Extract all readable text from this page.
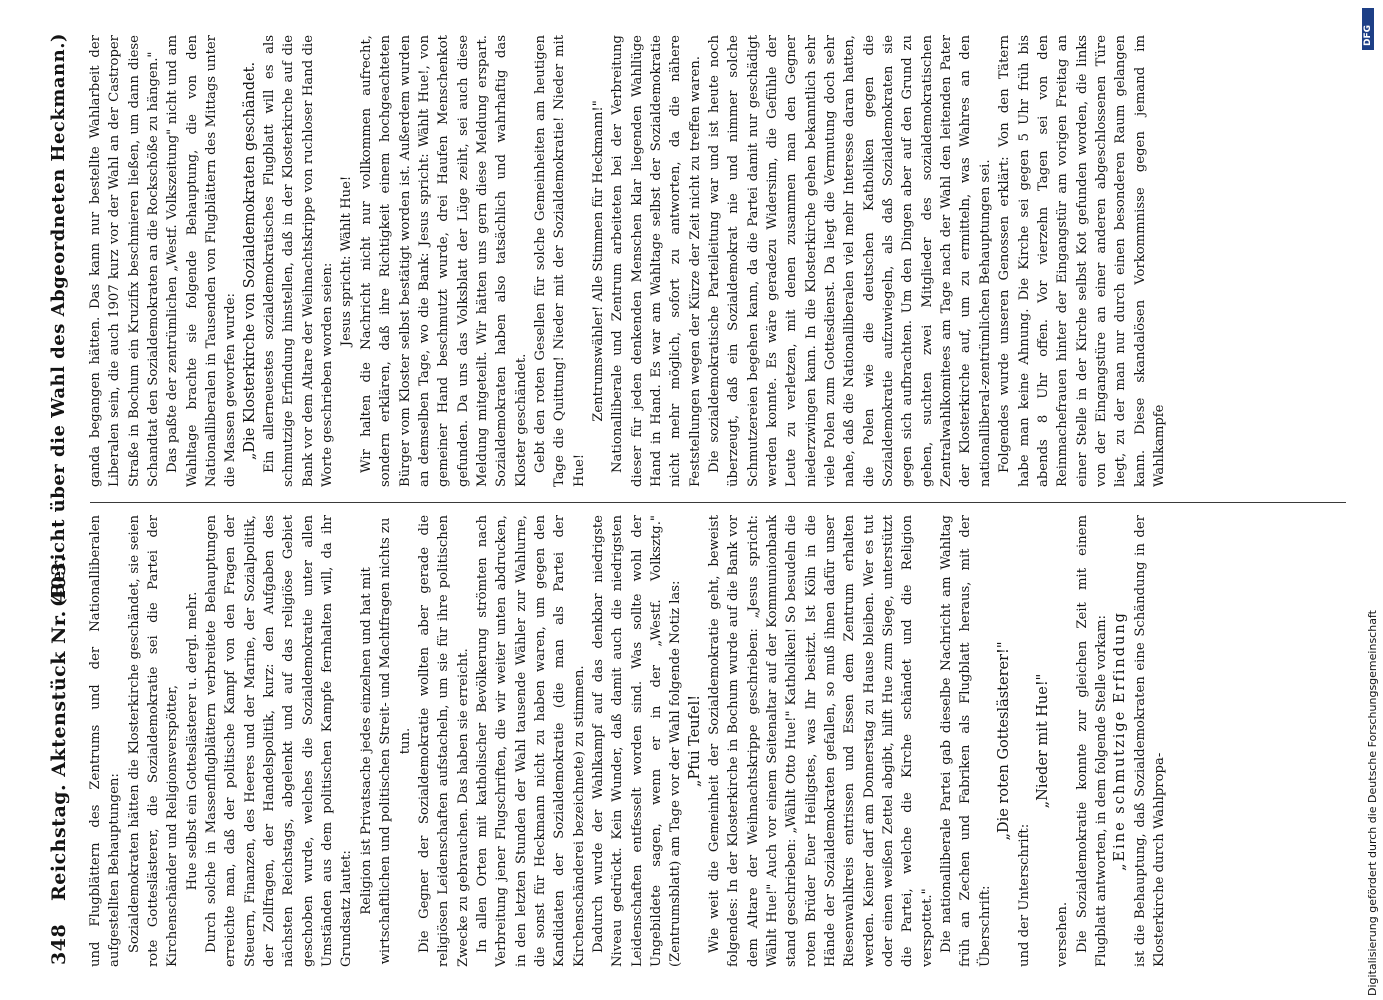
348
Reichstag. Aktenstück Nr. 403.
(Bericht über die Wahl des Abgeordneten Heckmann.)

und Flugblättern des Zentrums und der Nationalliberalen aufgestellten Behauptungen: Sozialdemokraten hätten die Klosterkirche geschändet, sie seien rote Gotteslästerer, die Sozialdemokratie sei die Partei der Kirchenschänder und Religionsverspötter, Hue selbst ein Gotteslästerer u. dergl. mehr. Durch solche in Massenflugblättern verbreitete Behauptungen erreichte man, daß der politische Kampf von den Fragen der Steuern, Finanzen, des Heeres und der Marine, der Sozialpolitik, der Zollfragen, der Handelspolitik, kurz: den Aufgaben des nächsten Reichstags, abgelenkt und auf das religiöse Gebiet geschoben wurde, welches die Sozialdemokratie unter allen Umständen aus dem politischen Kampfe fernhalten will, da ihr Grundsatz lautet: Religion ist Privatsache jedes einzelnen und hat mit wirtschaftlichen und politischen Streit- und Machtfragen nichts zu tun. Die Gegner der Sozialdemokratie wollten aber gerade die religiösen Leidenschaften aufstacheln, um sie für ihre politischen Zwecke zu gebrauchen. Das haben sie erreicht. In allen Orten mit katholischer Bevölkerung strömten nach Verbreitung jener Flugschriften, die wir weiter unten abdrucken, in den letzten Stunden der Wahl tausende Wähler zur Wahlurne, die sonst für Heckmann nicht zu haben waren, um gegen den Kandidaten der Sozialdemokratie (die man als Partei der Kirchenschänderei bezeichnete) zu stimmen. Dadurch wurde der Wahlkampf auf das denkbar niedrigste Niveau gedrückt. Kein Wunder, daß damit auch die niedrigsten Leidenschaften entfesselt worden sind. Was sollte wohl der Ungebildete sagen, wenn er in der „Westf. Volksztg." (Zentrumsblatt) am Tage vor der Wahl folgende Notiz las: „Pfui Teufel! Wie weit die Gemeinheit der Sozialdemokratie geht, beweist folgendes: In der Klosterkirche in Bochum wurde auf die Bank vor dem Altare der Weihnachtskrippe geschrieben: „Jesus spricht: Wählt Hue!" Auch vor einem Seitenaltar auf der Kommunionbank stand geschrieben: „Wählt Otto Hue!" Katholiken! So besudeln die roten Brüder Euer Heiligstes, was Ihr besitzt. Ist Köln in die Hände der Sozialdemokraten gefallen, so muß ihnen dafür unser Riesenwahlkreis entrissen und Essen dem Zentrum erhalten werden. Keiner darf am Donnerstag zu Hause bleiben. Wer es tut oder einen weißen Zettel abgibt, hilft Hue zum Siege, unterstützt die Partei, welche die Kirche schändet und die Religion verspottet." Die nationalliberale Partei gab dieselbe Nachricht am Wahltag früh an Zechen und Fabriken als Flugblatt heraus, mit der Überschrift:

„Die roten Gotteslästerer!"

und der Unterschrift:

„Nieder mit Hue!"

versehen. Die Sozialdemokratie konnte zur gleichen Zeit mit einem Flugblatt antworten, in dem folgende Stelle vorkam: „Eine schmutzige Erfindung ist die Behauptung, daß Sozialdemokraten eine Schändung in der Klosterkirche durch Wahlpropa-

ganda begangen hätten. Das kann nur bestellte Wahlarbeit der Liberalen sein, die auch 1907 kurz vor der Wahl an der Castroper Straße in Bochum ein Kruzifix beschmieren ließen, um dann diese Schandtat den Sozialdemokraten an die Rockschöße zu hängen." Das paßte der zentrümlichen „Westf. Volkszeitung" nicht und am Wahltage brachte sie folgende Behauptung, die von den Nationalliberalen in Tausenden von Flugblättern des Mittags unter die Massen geworfen wurde: „Die Klosterkirche von Sozialdemokraten geschändet. Ein allerneuestes sozialdemokratisches Flugblatt will es als schmutzige Erfindung hinstellen, daß in der Klosterkirche auf die Bank vor dem Altare der Weihnachtskrippe von ruchloser Hand die Worte geschrieben worden seien:

Jesus spricht: Wählt Hue! Wir halten die Nachricht nicht nur vollkommen aufrecht, sondern erklären, daß ihre Richtigkeit einem hochgeachteten Bürger vom Kloster selbst bestätigt worden ist. Außerdem wurden an demselben Tage, wo die Bank: Jesus spricht: Wählt Hue!, von gemeiner Hand beschmutzt wurde, drei Haufen Menschenkot gefunden. Da uns das Volksblatt der Lüge zeiht, sei auch diese Meldung mitgeteilt. Wir hätten uns gern diese Meldung erspart. Sozialdemokraten haben also tatsächlich und wahrhaftig das Kloster geschändet. Gebt den roten Gesellen für solche Gemeinheiten am heutigen Tage die Quittung! Nieder mit der Sozialdemokratie! Nieder mit Hue!

Zentrumswähler! Alle Stimmen für Heckmann!" Nationalliberale und Zentrum arbeiteten bei der Verbreitung dieser für jeden denkenden Menschen klar liegenden Wahllüge Hand in Hand. Es war am Wahltage selbst der Sozialdemokratie nicht mehr möglich, sofort zu antworten, da die nähere Feststellungen wegen der Kürze der Zeit nicht zu treffen waren. Die sozialdemokratische Parteileitung war und ist heute noch überzeugt, daß ein Sozialdemokrat nie und nimmer solche Schmutzereien begehen kann, da die Partei damit nur geschädigt werden konnte. Es wäre geradezu Widersinn, die Gefühle der Leute zu verletzen, mit denen zusammen man den Gegner niederzwingen kann. In die Klosterkirche gehen bekanntlich sehr viele Polen zum Gottesdienst. Da liegt die Vermutung doch sehr nahe, daß die Nationalliberalen viel mehr Interesse daran hatten, die Polen wie die deutschen Katholiken gegen die Sozialdemokratie aufzuwiegeln, als daß Sozialdemokraten sie gegen sich aufbrachten. Um den Dingen aber auf den Grund zu gehen, suchten zwei Mitglieder des sozialdemokratischen Zentralwahlkomitees am Tage nach der Wahl den leitenden Pater der Klosterkirche auf, um zu ermitteln, was Wahres an den nationalliberal-zentrümlichen Behauptungen sei. Folgendes wurde unseren Genossen erklärt: Von den Tätern habe man keine Ahnung. Die Kirche sei gegen 5 Uhr früh bis abends 8 Uhr offen. Vor vierzehn Tagen sei von den Reinmachefrauen hinter der Eingangstür am vorigen Freitag an einer Stelle in der Kirche selbst Kot gefunden worden, die links von der Eingangstüre an einer anderen abgeschlossenen Türe liegt, zu der man nur durch einen besonderen Raum gelangen kann. Diese skandalösen Vorkommnisse gegen jemand im Wahlkampfe

DFG
Digitalisierung gefördert durch die Deutsche Forschungsgemeinschaft
